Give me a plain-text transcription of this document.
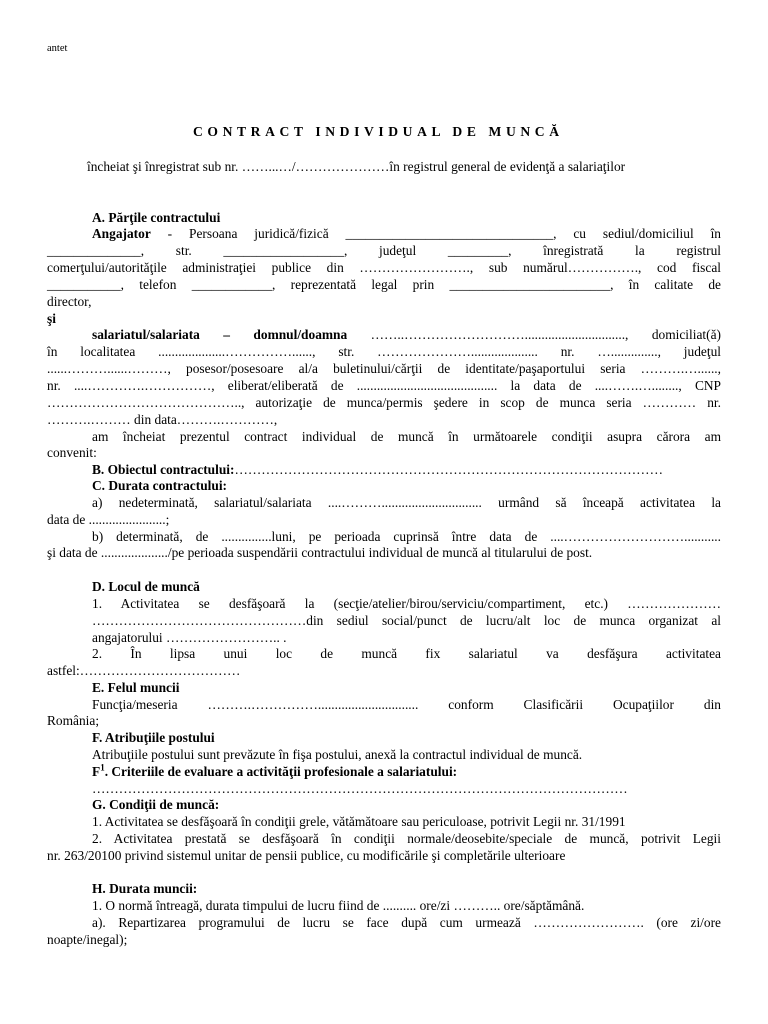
antet
CONTRACT INDIVIDUAL DE MUNCĂ
încheiat şi înregistrat sub nr. ……...…/…………………în registrul general de evidenţă a salariaţilor
A. Părţile contractului
Angajator - Persoana juridică/fizică _______________________________, cu sediul/domiciliul în
______________, str. __________________, judeţul _________, înregistrată la registrul
comerţului/autorităţile administraţiei publice din ……………………., sub numărul……………., cod fiscal
___________, telefon ____________, reprezentată legal prin ________________________, în calitate de
director,
şi
salariatul/salariata – domnul/doamna ……..……………………….............................., domiciliat(ă)
în localitatea ....................……………......, str. ………………….................... nr. ….............., judeţul
......………......………, posesor/posesoare al/a buletinului/cărţii de identitate/paşaportului seria ……….…......,
nr. ....………….……………, eliberat/eliberată de .......................................... la data de ....…….…........, CNP
…………………………………….., autorizaţie de munca/permis şedere in scop de munca seria ………… nr.
……….……… din data……….…………,
am încheiat prezentul contract individual de muncă în următoarele condiţii asupra cărora am
convenit:
B. Obiectul contractului:……………………………………………………………………………………
C. Durata contractului:
a) nedeterminată, salariatul/salariata ....……….............................. urmând să înceapă activitatea la
data de .......................;
b) determinată, de ...............luni, pe perioada cuprinsă între data de ....………………………...........
şi data de ..................../pe perioada suspendării contractului individual de muncă al titularului de post.
D. Locul de muncă
1. Activitatea se desfăşoară la (secţie/atelier/birou/serviciu/compartiment, etc.) …………………
…………………………………………din sediul social/punct de lucru/alt loc de munca organizat al
angajatorului …………………….. .
2. În lipsa unui loc de muncă fix salariatul va desfăşura activitatea
astfel:………………………………
E. Felul muncii
Funcţia/meseria ……….…………….............................. conform Clasificării Ocupaţiilor din
România;
F. Atribuţiile postului
Atribuţiile postului sunt prevăzute în fişa postului, anexă la contractul individual de muncă.
$F^1$. Criteriile de evaluare a activităţii profesionale a salariatului:
…………………………………………………………………………………………………………
G. Condiţii de muncă:
1. Activitatea se desfăşoară în condiţii grele, vătămătoare sau periculoase, potrivit Legii nr. 31/1991
2. Activitatea prestată se desfăşoară în condiţii normale/deosebite/speciale de muncă, potrivit Legii
nr. 263/20100 privind sistemul unitar de pensii publice, cu modificările şi completările ulterioare
H. Durata muncii:
1. O normă întreagă, durata timpului de lucru fiind de .......... ore/zi ……….. ore/săptămână.
a). Repartizarea programului de lucru se face după cum urmează ……………………. (ore zi/ore
noapte/inegal);
